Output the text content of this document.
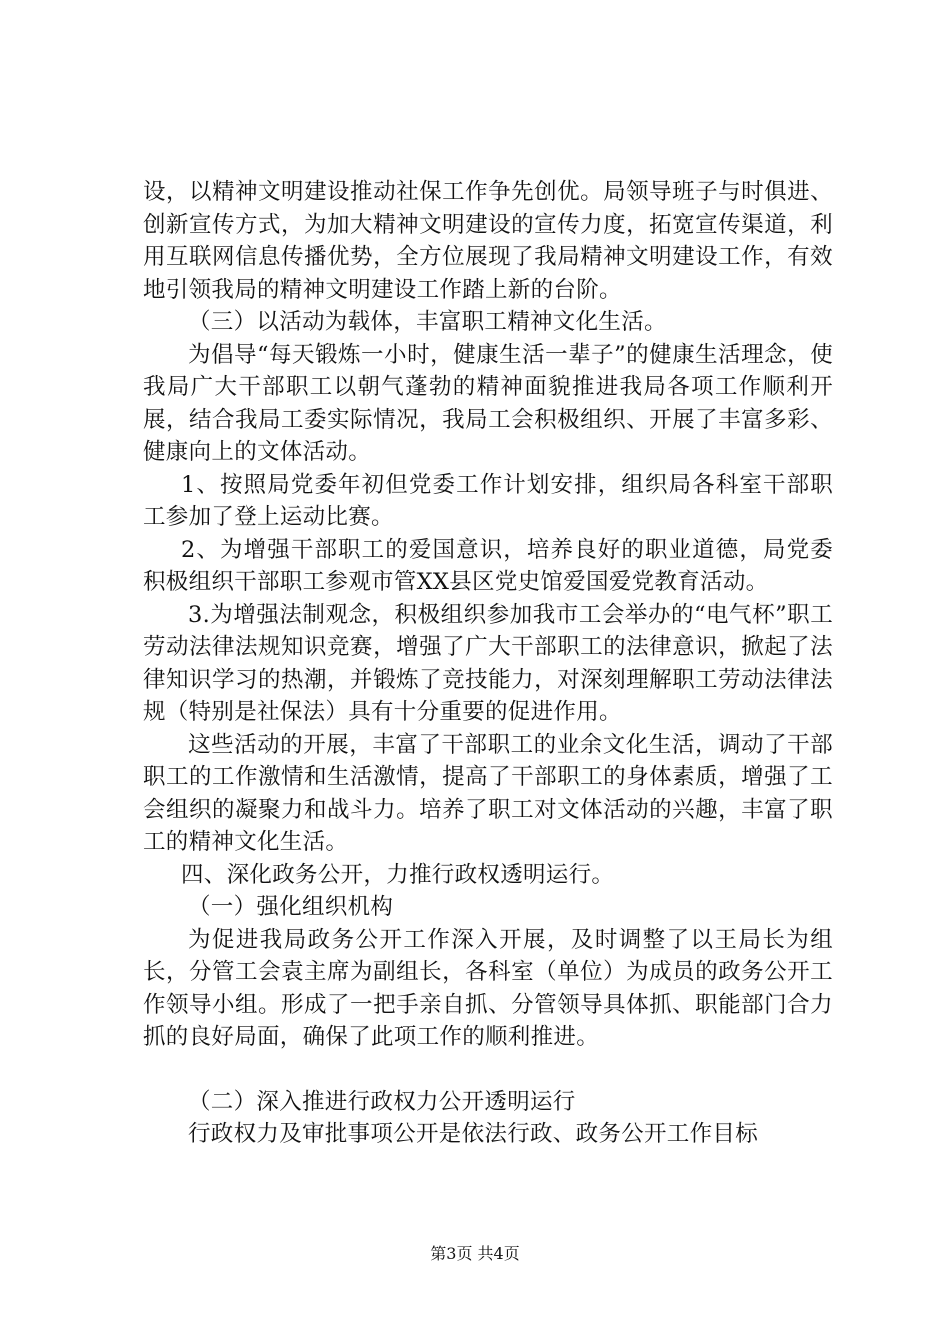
设，以精神文明建设推动社保工作争先创优。局领导班子与时俱进、创新宣传方式，为加大精神文明建设的宣传力度，拓宽宣传渠道，利用互联网信息传播优势，全方位展现了我局精神文明建设工作，有效地引领我局的精神文明建设工作踏上新的台阶。

（三）以活动为载体，丰富职工精神文化生活。

为倡导“每天锻炼一小时，健康生活一辈子”的健康生活理念，使我局广大干部职工以朝气蓬勃的精神面貌推进我局各项工作顺利开展，结合我局工委实际情况，我局工会积极组织、开展了丰富多彩、健康向上的文体活动。

1、按照局党委年初但党委工作计划安排，组织局各科室干部职工参加了登上运动比赛。

2、为增强干部职工的爱国意识，培养良好的职业道德，局党委积极组织干部职工参观市管XX县区党史馆爱国爱党教育活动。

3.为增强法制观念，积极组织参加我市工会举办的“电气杯”职工劳动法律法规知识竞赛，增强了广大干部职工的法律意识，掀起了法律知识学习的热潮，并锻炼了竞技能力，对深刻理解职工劳动法律法规（特别是社保法）具有十分重要的促进作用。

这些活动的开展，丰富了干部职工的业余文化生活，调动了干部职工的工作激情和生活激情，提高了干部职工的身体素质，增强了工会组织的凝聚力和战斗力。培养了职工对文体活动的兴趣，丰富了职工的精神文化生活。

四、深化政务公开，力推行政权透明运行。

（一）强化组织机构

为促进我局政务公开工作深入开展，及时调整了以王局长为组长，分管工会袁主席为副组长，各科室（单位）为成员的政务公开工作领导小组。形成了一把手亲自抓、分管领导具体抓、职能部门合力抓的良好局面，确保了此项工作的顺利推进。

（二）深入推进行政权力公开透明运行

行政权力及审批事项公开是依法行政、政务公开工作目标

第3页 共4页
